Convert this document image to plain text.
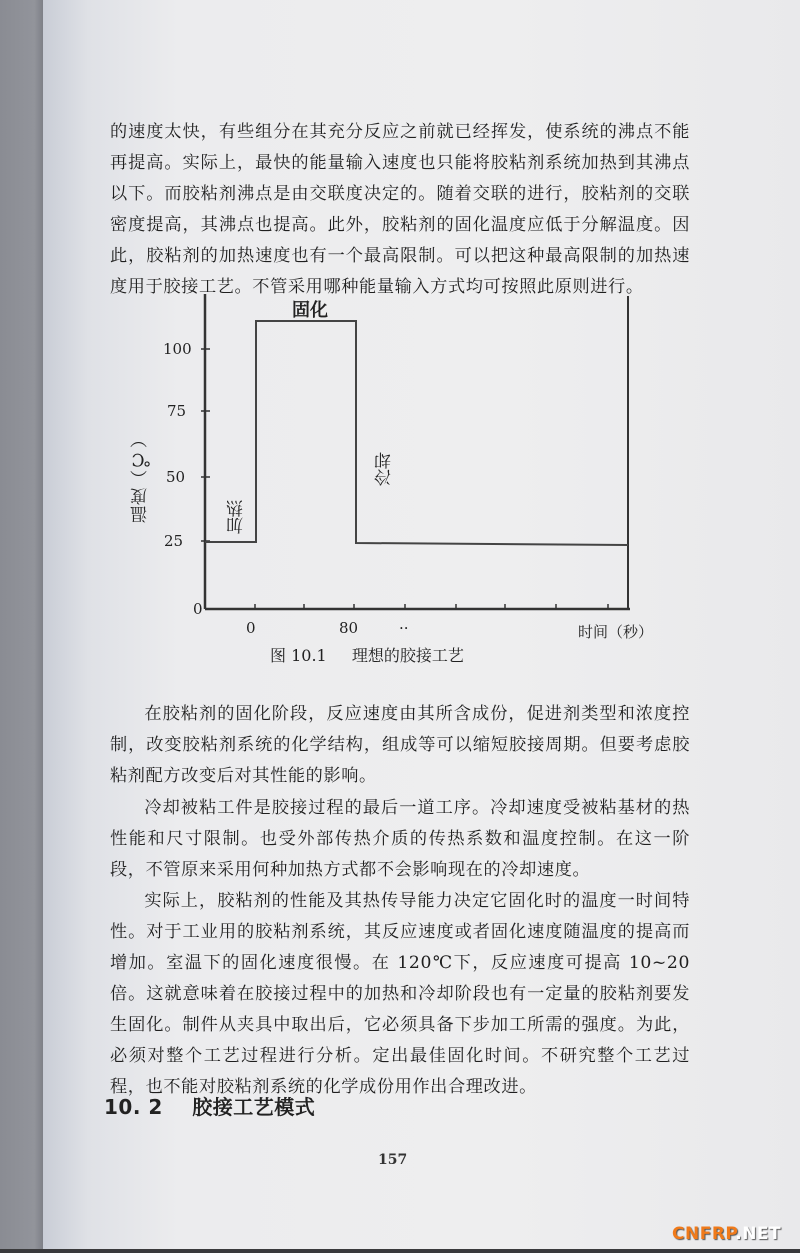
的速度太快，有些组分在其充分反应之前就已经挥发，使系统的沸点不能再提高。实际上，最快的能量输入速度也只能将胶粘剂系统加热到其沸点以下。而胶粘剂沸点是由交联度决定的。随着交联的进行，胶粘剂的交联密度提高，其沸点也提高。此外，胶粘剂的固化温度应低于分解温度。因此，胶粘剂的加热速度也有一个最高限制。可以把这种最高限制的加热速度用于胶接工艺。不管采用哪种能量输入方式均可按照此原则进行。

100
75
50
25
0
0	80	..
温度（℃）
固化
加热
冷却
时间（秒）
图 10.1 理想的胶接工艺

在胶粘剂的固化阶段，反应速度由其所含成份，促进剂类型和浓度控制，改变胶粘剂系统的化学结构，组成等可以缩短胶接周期。但要考虑胶粘剂配方改变后对其性能的影响。

冷却被粘工件是胶接过程的最后一道工序。冷却速度受被粘基材的热性能和尺寸限制。也受外部传热介质的传热系数和温度控制。在这一阶段，不管原来采用何种加热方式都不会影响现在的冷却速度。

实际上，胶粘剂的性能及其热传导能力决定它固化时的温度一时间特性。对于工业用的胶粘剂系统，其反应速度或者固化速度随温度的提高而增加。室温下的固化速度很慢。在 120℃下，反应速度可提高 10~20 倍。这就意味着在胶接过程中的加热和冷却阶段也有一定量的胶粘剂要发生固化。制件从夹具中取出后，它必须具备下步加工所需的强度。为此，必须对整个工艺过程进行分析。定出最佳固化时间。不研究整个工艺过程，也不能对胶粘剂系统的化学成份用作出合理改进。

10. 2 胶接工艺模式
157
CNFRP.NET
